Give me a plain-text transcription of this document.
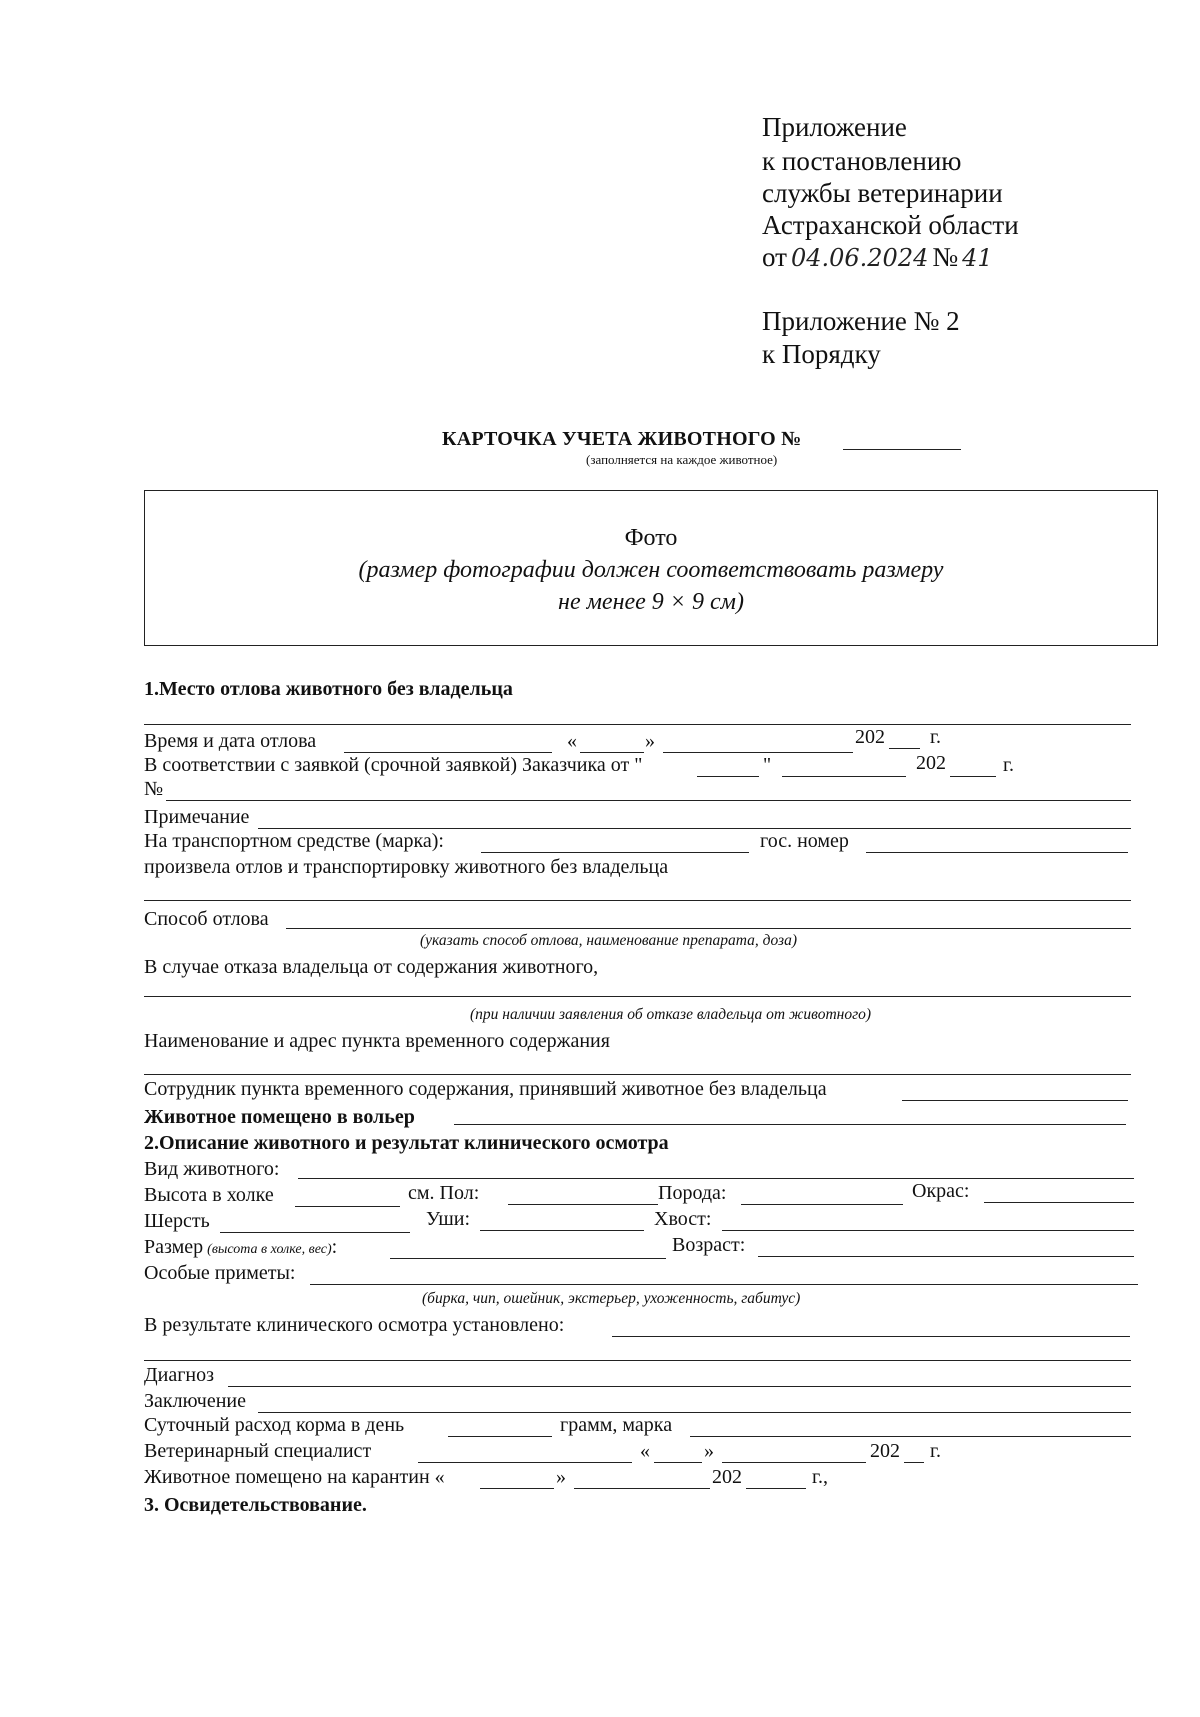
Приложение
к постановлению
службы ветеринарии
Астраханской области
от 04.06.2024 № 41
Приложение № 2
к Порядку
КАРТОЧКА УЧЕТА ЖИВОТНОГО №
(заполняется на каждое животное)
Фото
(размер фотографии должен соответствовать размеру
не менее 9 × 9 см)
1.Место отлова животного без владельца
Время и дата отлова	«	»	202 г.
В соответствии с заявкой (срочной заявкой) Заказчика от "	"	202	г.
№
Примечание
На транспортном средстве (марка):	гос. номер
произвела отлов и транспортировку животного без владельца
Способ отлова
(указать способ отлова, наименование препарата, доза)
В случае отказа владельца от содержания животного,
(при наличии заявления об отказе владельца от животного)
Наименование и адрес пункта временного содержания
Сотрудник пункта временного содержания, принявший животное без владельца
Животное помещено в вольер
2.Описание животного и результат клинического осмотра
Вид животного:
Высота в холке	см. Пол:	Порода:	Окрас:
Шерсть	Уши:	Хвост:
Размер (высота в холке, вес):	Возраст:
Особые приметы:
(бирка, чип, ошейник, экстерьер, ухоженность, габитус)
В результате клинического осмотра установлено:
Диагноз
Заключение
Суточный расход корма в день	грамм, марка
Ветеринарный специалист	«	»	202 г.
Животное помещено на карантин «	»	202	г.,
3. Освидетельствование.
